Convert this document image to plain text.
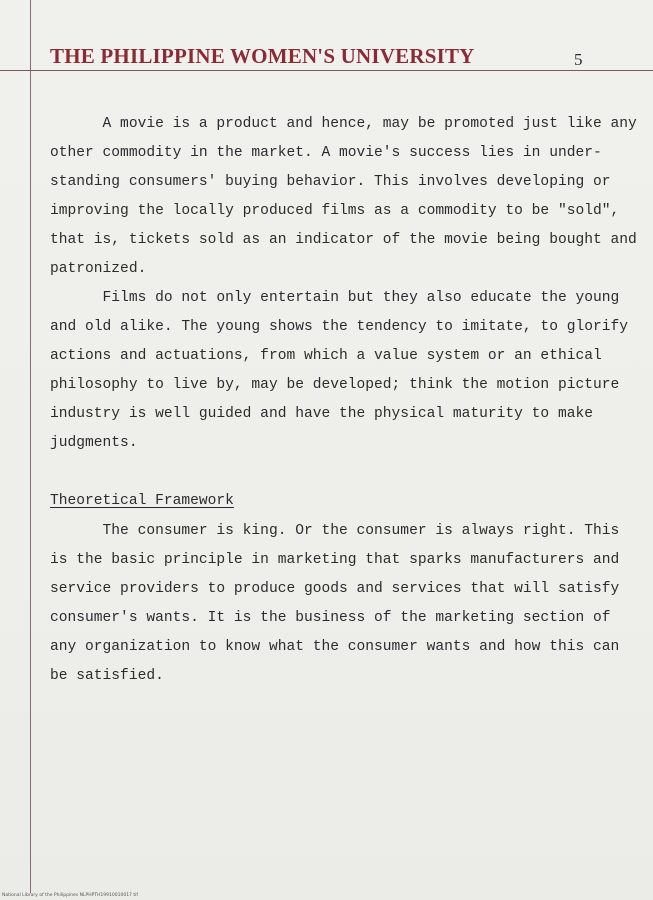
THE PHILIPPINE WOMEN'S UNIVERSITY	5
A movie is a product and hence, may be promoted just like any
other commodity in the market. A movie's success lies in under-
standing consumers' buying behavior. This involves developing or
improving the locally produced films as a commodity to be "sold",
that is, tickets sold as an indicator of the movie being bought and
patronized.
Films do not only entertain but they also educate the young
and old alike. The young shows the tendency to imitate, to glorify
actions and actuations, from which a value system or an ethical
philosophy to live by, may be developed; think the motion picture
industry is well guided and have the physical maturity to make
judgments.
Theoretical Framework
The consumer is king. Or the consumer is always right. This
is the basic principle in marketing that sparks manufacturers and
service providers to produce goods and services that will satisfy
consumer's wants. It is the business of the marketing section of
any organization to know what the consumer wants and how this can
be satisfied.
National Library of the Philippines NLPHPTH19910010017 tif
